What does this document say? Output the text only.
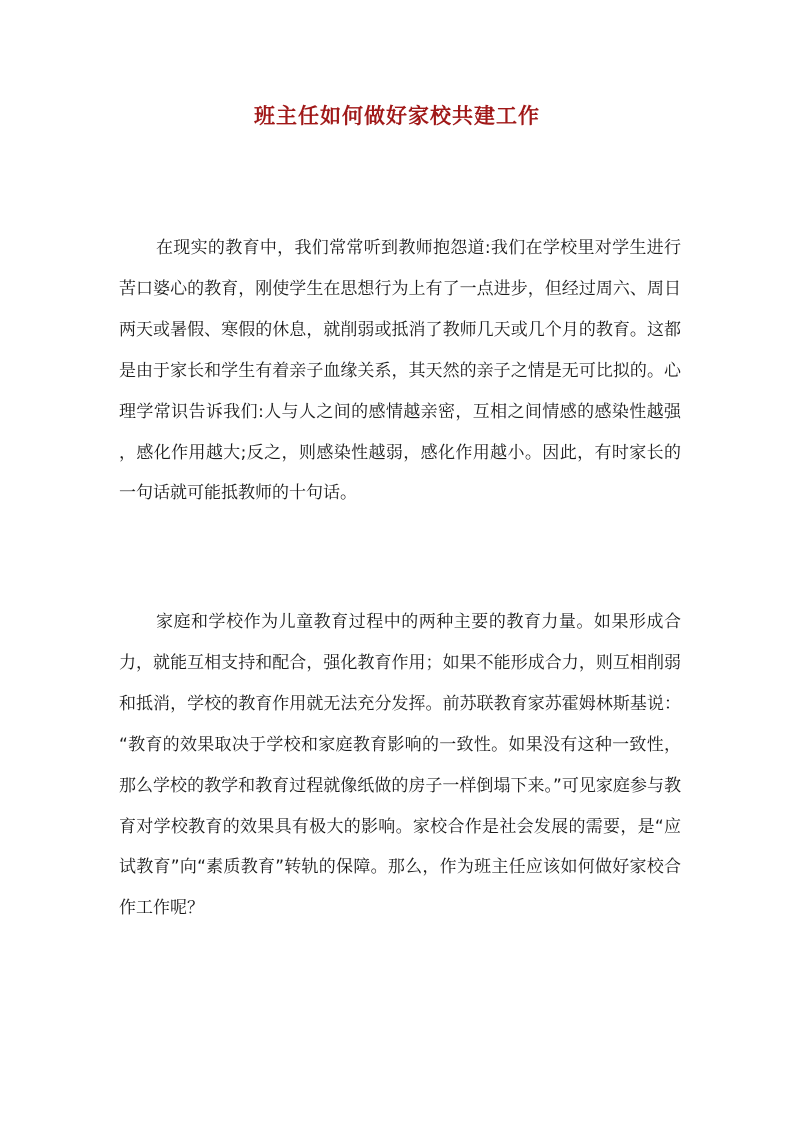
班主任如何做好家校共建工作

在现实的教育中，我们常常听到教师抱怨道:我们在学校里对学生进行苦口婆心的教育，刚使学生在思想行为上有了一点进步，但经过周六、周日两天或暑假、寒假的休息，就削弱或抵消了教师几天或几个月的教育。这都是由于家长和学生有着亲子血缘关系，其天然的亲子之情是无可比拟的。心理学常识告诉我们:人与人之间的感情越亲密，互相之间情感的感染性越强，感化作用越大;反之，则感染性越弱，感化作用越小。因此，有时家长的一句话就可能抵教师的十句话。

家庭和学校作为儿童教育过程中的两种主要的教育力量。如果形成合力，就能互相支持和配合，强化教育作用；如果不能形成合力，则互相削弱和抵消，学校的教育作用就无法充分发挥。前苏联教育家苏霍姆林斯基说：“教育的效果取决于学校和家庭教育影响的一致性。如果没有这种一致性，那么学校的教学和教育过程就像纸做的房子一样倒塌下来。”可见家庭参与教育对学校教育的效果具有极大的影响。家校合作是社会发展的需要，是“应试教育”向“素质教育”转轨的保障。那么，作为班主任应该如何做好家校合作工作呢？
